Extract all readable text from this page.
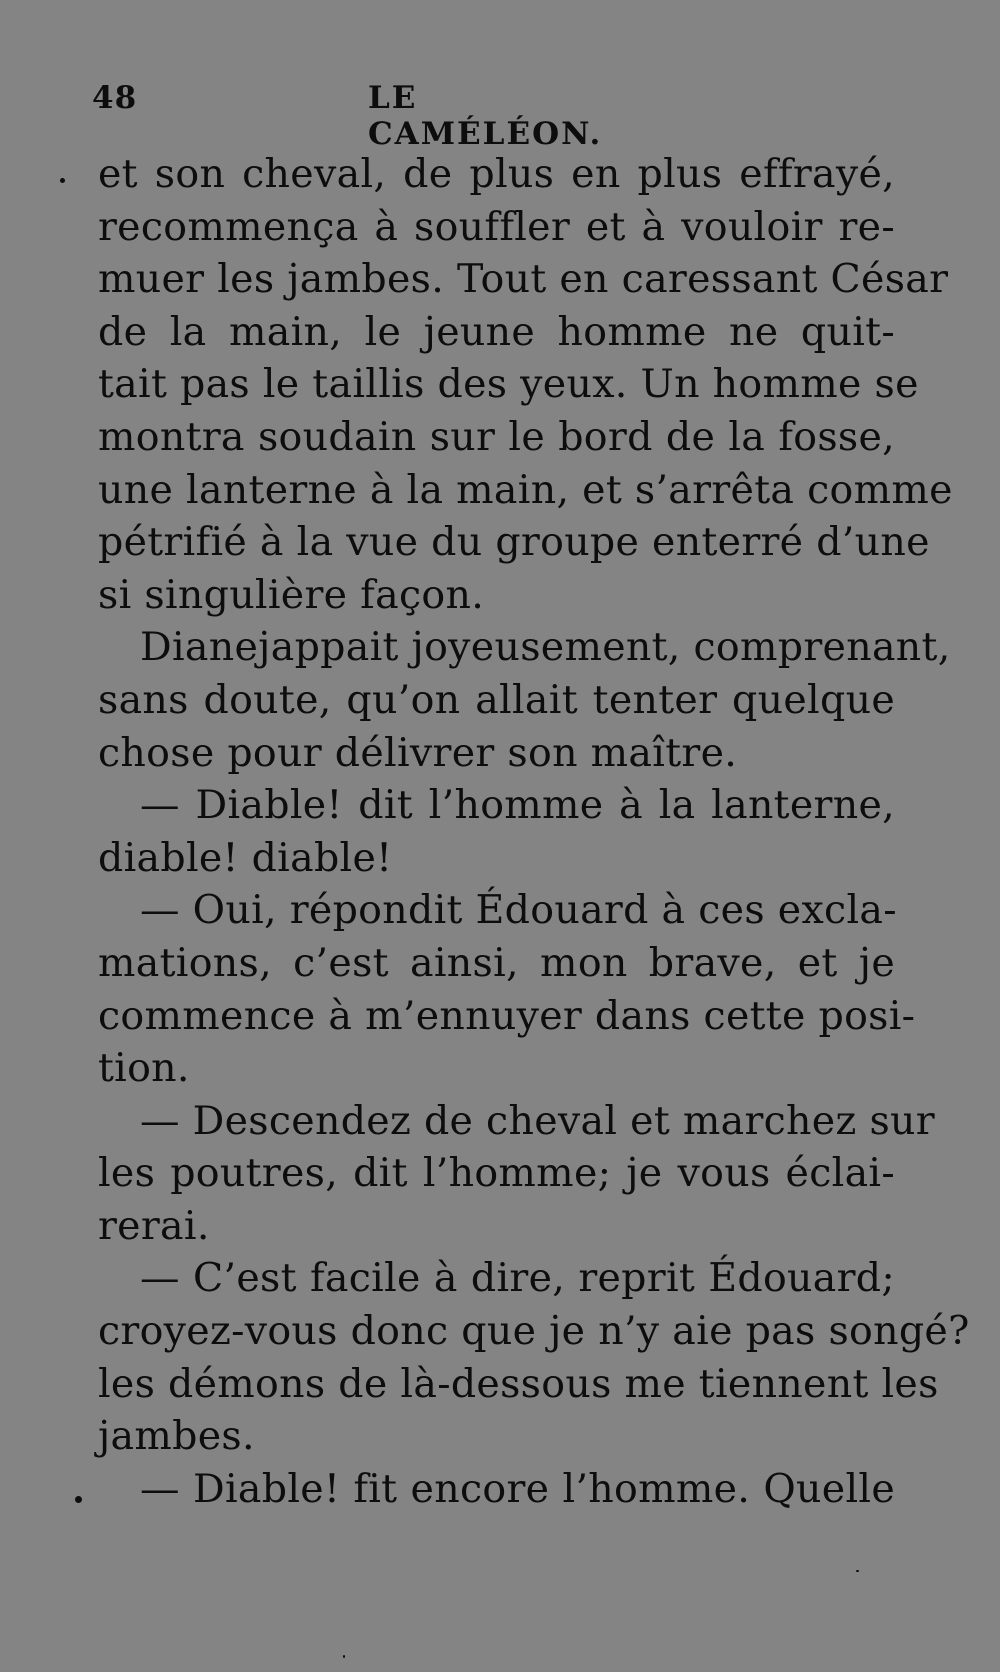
48	LE CAMÉLÉON.
et son cheval, de plus en plus effrayé,
recommença à souffler et à vouloir re-
muer les jambes. Tout en caressant César
de la main, le jeune homme ne quit-
tait pas le taillis des yeux. Un homme se
montra soudain sur le bord de la fosse,
une lanterne à la main, et s’arrêta comme
pétrifié à la vue du groupe enterré d’une
si singulière façon.
Dianejappait joyeusement, comprenant,
sans doute, qu’on allait tenter quelque
chose pour délivrer son maître.
— Diable! dit l’homme à la lanterne,
diable! diable!
— Oui, répondit Édouard à ces excla-
mations, c’est ainsi, mon brave, et je
commence à m’ennuyer dans cette posi-
tion.
— Descendez de cheval et marchez sur
les poutres, dit l’homme; je vous éclai-
rerai.
— C’est facile à dire, reprit Édouard;
croyez-vous donc que je n’y aie pas songé?
les démons de là-dessous me tiennent les
jambes.
— Diable! fit encore l’homme. Quelle
